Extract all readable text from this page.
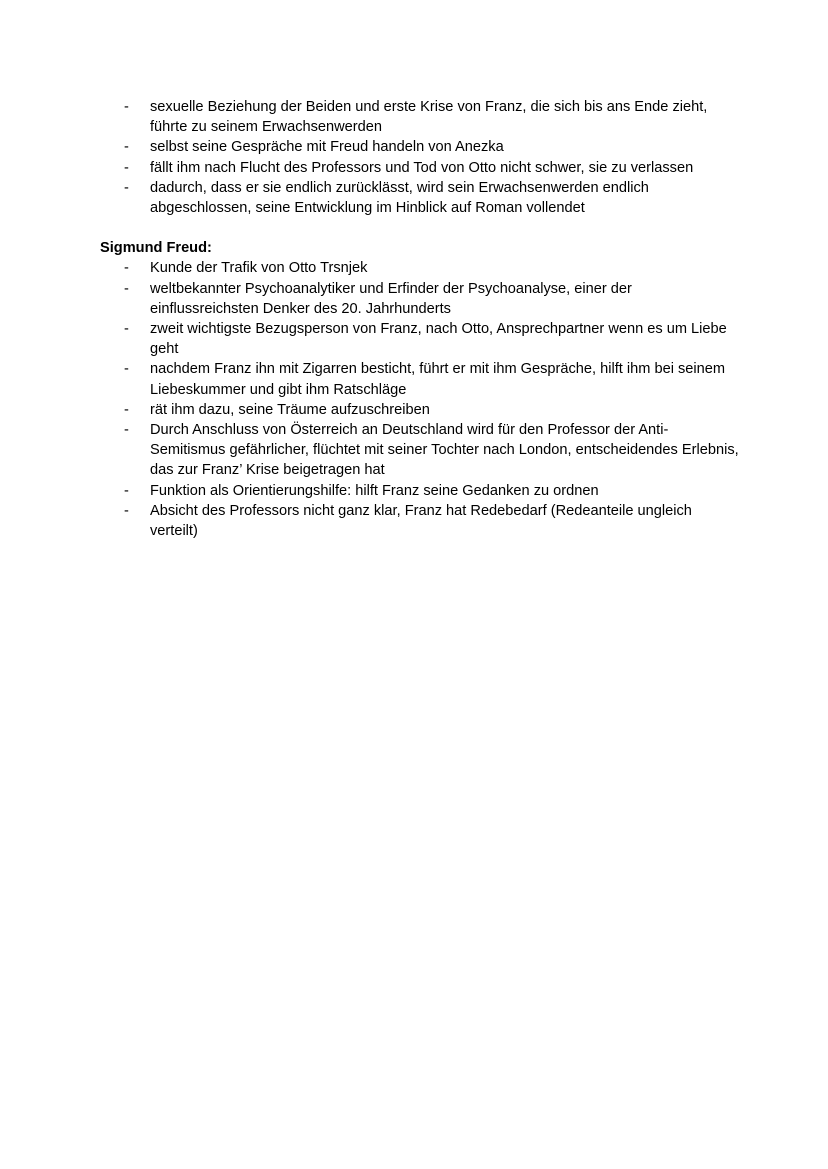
- sexuelle Beziehung der Beiden und erste Krise von Franz, die sich bis ans Ende zieht, führte zu seinem Erwachsenwerden
- selbst seine Gespräche mit Freud handeln von Anezka
- fällt ihm nach Flucht des Professors und Tod von Otto nicht schwer, sie zu verlassen
- dadurch, dass er sie endlich zurücklässt, wird sein Erwachsenwerden endlich abgeschlossen, seine Entwicklung im Hinblick auf Roman vollendet
Sigmund Freud:
- Kunde der Trafik von Otto Trsnjek
- weltbekannter Psychoanalytiker und Erfinder der Psychoanalyse, einer der einflussreichsten Denker des 20. Jahrhunderts
- zweit wichtigste Bezugsperson von Franz, nach Otto, Ansprechpartner wenn es um Liebe geht
- nachdem Franz ihn mit Zigarren besticht, führt er mit ihm Gespräche, hilft ihm bei seinem Liebeskummer und gibt ihm Ratschläge
- rät ihm dazu, seine Träume aufzuschreiben
- Durch Anschluss von Österreich an Deutschland wird für den Professor der Anti-Semitismus gefährlicher, flüchtet mit seiner Tochter nach London, entscheidendes Erlebnis, das zur Franz’ Krise beigetragen hat
- Funktion als Orientierungshilfe: hilft Franz seine Gedanken zu ordnen
- Absicht des Professors nicht ganz klar, Franz hat Redebedarf (Redeanteile ungleich verteilt)
